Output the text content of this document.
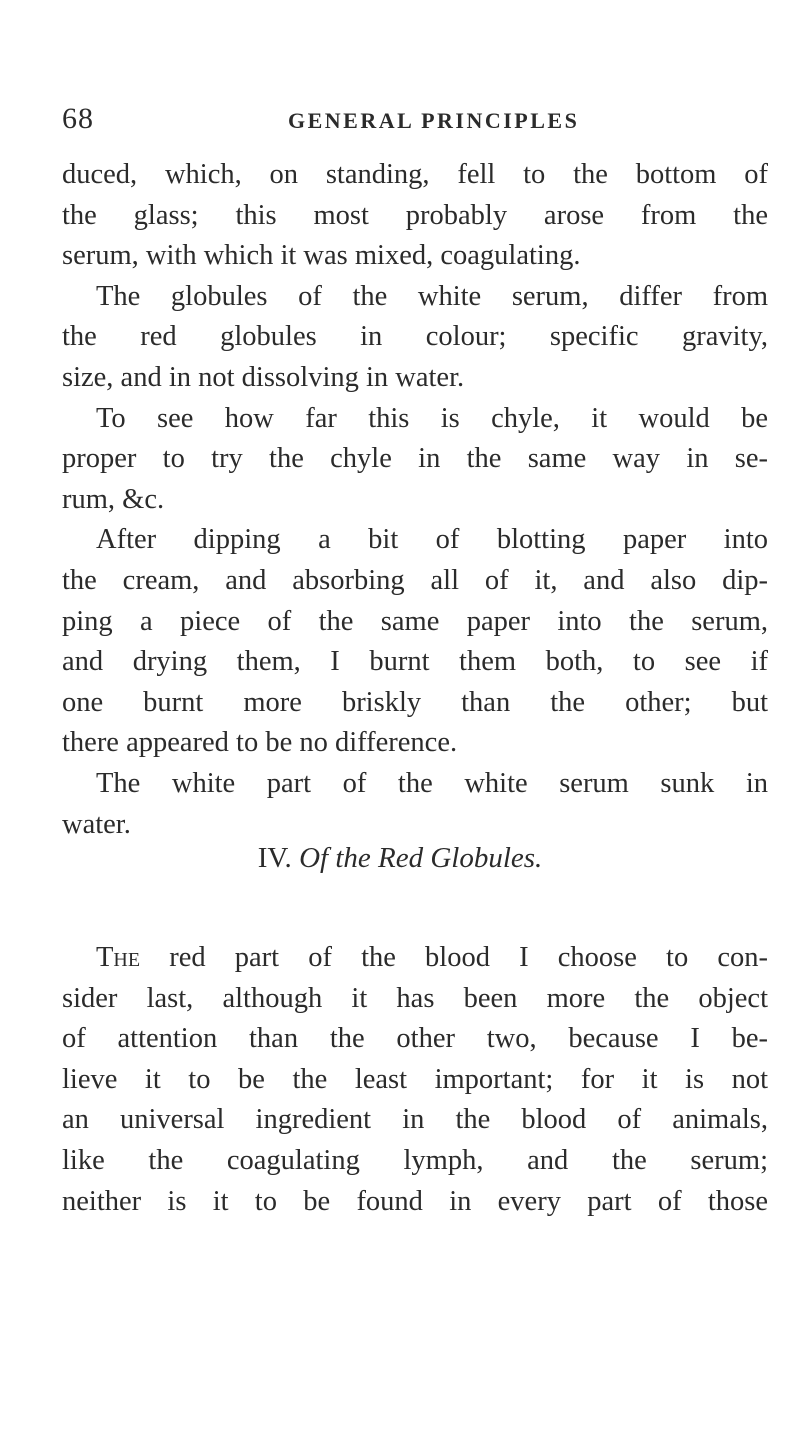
68	GENERAL PRINCIPLES
duced, which, on standing, fell to the bottom of
the glass; this most probably arose from the
serum, with which it was mixed, coagulating.
The globules of the white serum, differ from
the red globules in colour; specific gravity,
size, and in not dissolving in water.
To see how far this is chyle, it would be
proper to try the chyle in the same way in se-
rum, &c.
After dipping a bit of blotting paper into
the cream, and absorbing all of it, and also dip-
ping a piece of the same paper into the serum,
and drying them, I burnt them both, to see if
one burnt more briskly than the other; but
there appeared to be no difference.
The white part of the white serum sunk in
water.
IV. Of the Red Globules.
The red part of the blood I choose to con-
sider last, although it has been more the object
of attention than the other two, because I be-
lieve it to be the least important; for it is not
an universal ingredient in the blood of animals,
like the coagulating lymph, and the serum;
neither is it to be found in every part of those
